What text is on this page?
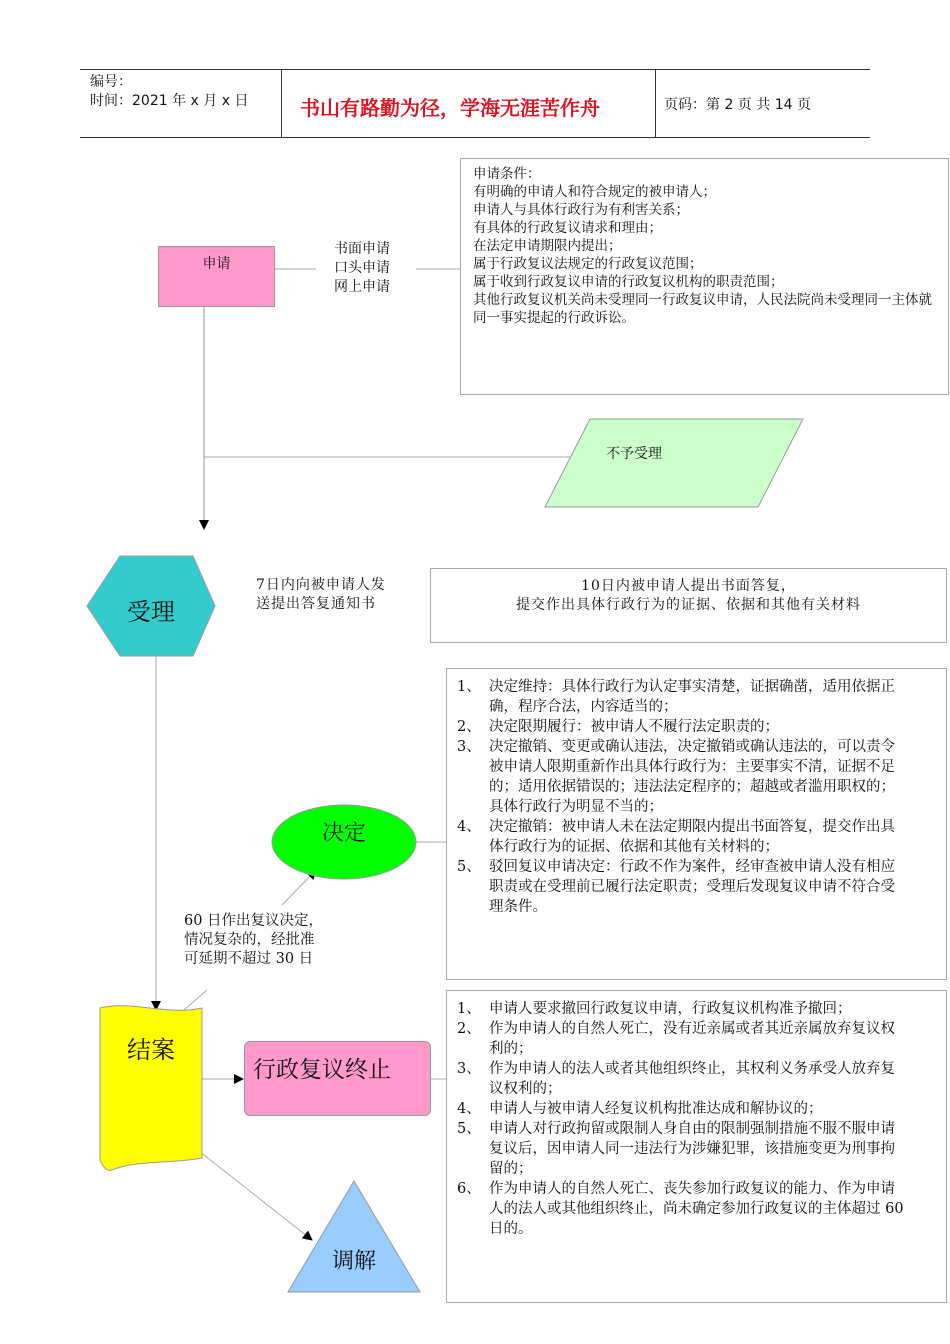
编号：
时间：2021 年 x 月 x 日	书山有路勤为径，学海无涯苦作舟	页码：第 2 页 共 14 页
申请
书面申请
口头申请
网上申请
申请条件：
有明确的申请人和符合规定的被申请人；
申请人与具体行政行为有利害关系；
有具体的行政复议请求和理由；
在法定申请期限内提出；
属于行政复议法规定的行政复议范围；
属于收到行政复议申请的行政复议机构的职责范围；
其他行政复议机关尚未受理同一行政复议申请，人民法院尚未受理同一主体就同一事实提起的行政诉讼。
不予受理
受理
7日内向被申请人发送提出答复通知书
10日内被申请人提出书面答复，
提交作出具体行政行为的证据、依据和其他有关材料
1、 决定维持：具体行政行为认定事实清楚，证据确凿，适用依据正确，程序合法，内容适当的；
2、 决定限期履行：被申请人不履行法定职责的；
3、 决定撤销、变更或确认违法，决定撤销或确认违法的，可以责令被申请人限期重新作出具体行政行为：主要事实不清，证据不足的；适用依据错误的；违法法定程序的；超越或者滥用职权的；具体行政行为明显不当的；
4、 决定撤销：被申请人未在法定期限内提出书面答复，提交作出具体行政行为的证据、依据和其他有关材料的；
5、 驳回复议申请决定：行政不作为案件，经审查被申请人没有相应职责或在受理前已履行法定职责；受理后发现复议申请不符合受理条件。
决定
60 日作出复议决定，
情况复杂的，经批准
可延期不超过 30 日
结案
行政复议终止
1、 申请人要求撤回行政复议申请，行政复议机构准予撤回；
2、 作为申请人的自然人死亡，没有近亲属或者其近亲属放弃复议权利的；
3、 作为申请人的法人或者其他组织终止，其权利义务承受人放弃复议权利的；
4、 申请人与被申请人经复议机构批准达成和解协议的；
5、 申请人对行政拘留或限制人身自由的限制强制措施不服不服申请复议后，因申请人同一违法行为涉嫌犯罪，该措施变更为刑事拘留的；
6、 作为申请人的自然人死亡、丧失参加行政复议的能力、作为申请人的法人或其他组织终止，尚未确定参加行政复议的主体超过 60 日的。
调解
